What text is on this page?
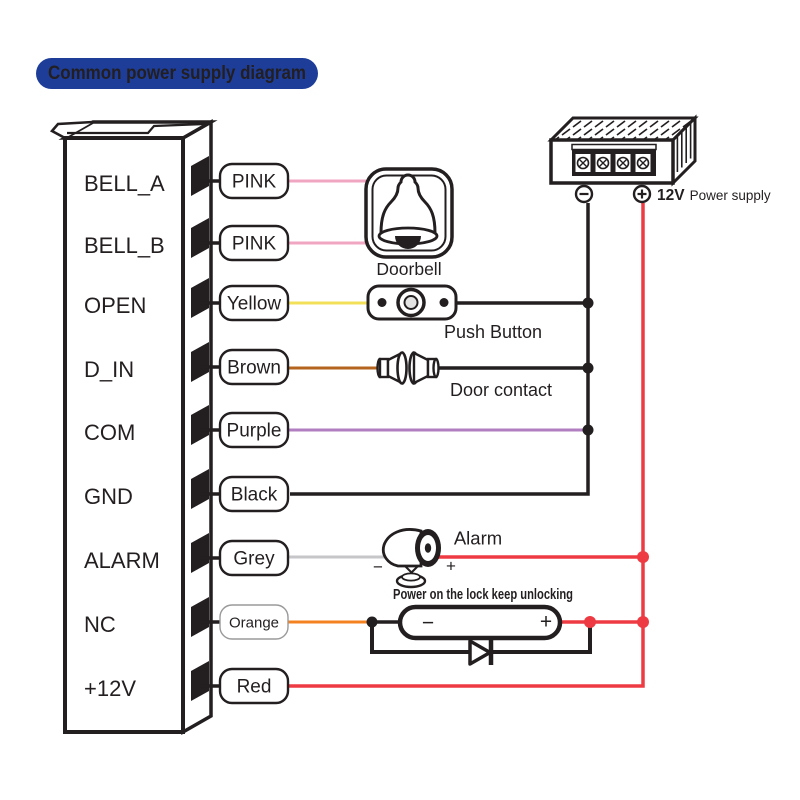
Common power supply diagram
BELL_A
BELL_B
OPEN
D_IN
COM
GND
ALARM
NC
+12V
PINK
PINK
Yellow
Brown
Purple
Black
Grey
Orange
Red
Doorbell
Push Button
Door contact
Alarm
−	+
Power on the lock keep unlocking
−	+
12V Power supply
